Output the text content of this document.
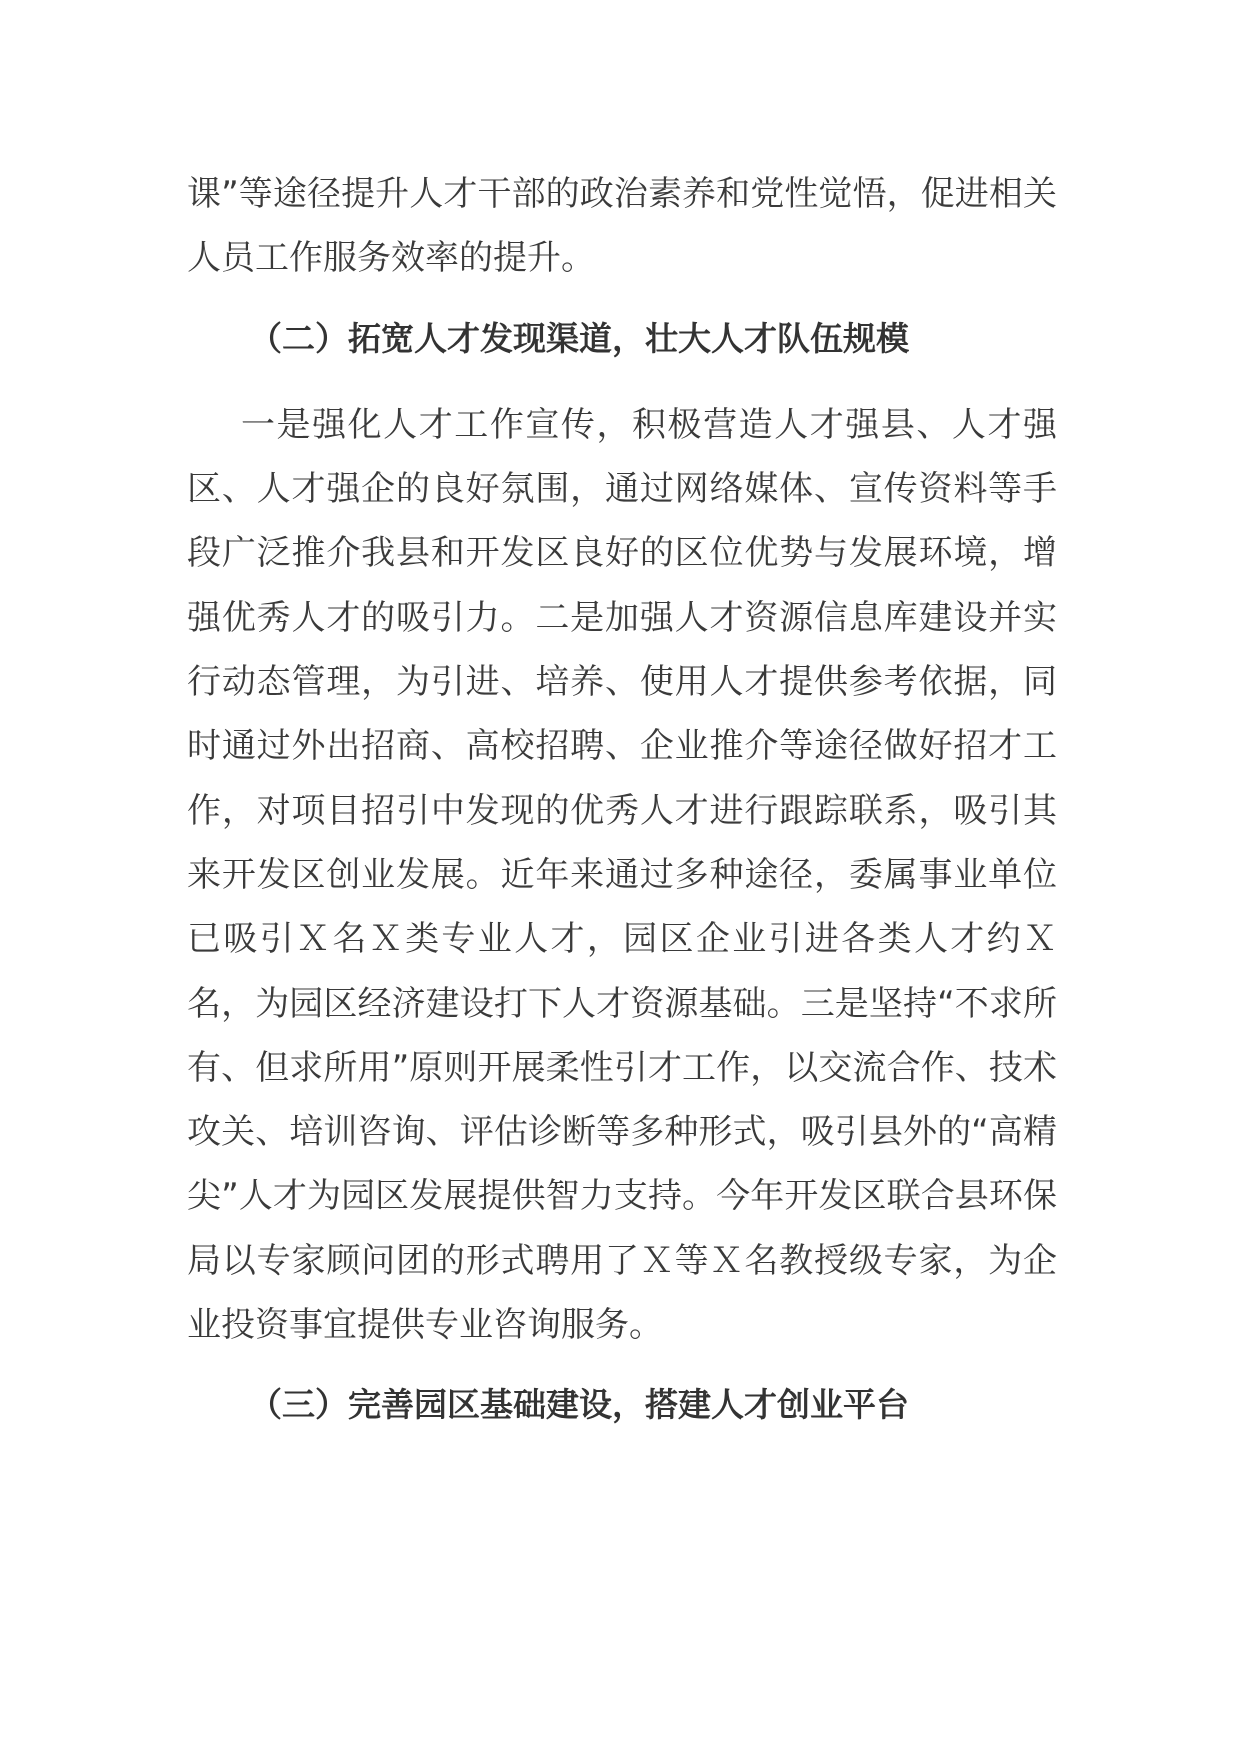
课”等途径提升人才干部的政治素养和党性觉悟，促进相关人员工作服务效率的提升。

（二）拓宽人才发现渠道，壮大人才队伍规模

一是强化人才工作宣传，积极营造人才强县、人才强区、人才强企的良好氛围，通过网络媒体、宣传资料等手段广泛推介我县和开发区良好的区位优势与发展环境，增强优秀人才的吸引力。二是加强人才资源信息库建设并实行动态管理，为引进、培养、使用人才提供参考依据，同时通过外出招商、高校招聘、企业推介等途径做好招才工作，对项目招引中发现的优秀人才进行跟踪联系，吸引其来开发区创业发展。近年来通过多种途径，委属事业单位已吸引Ｘ名Ｘ类专业人才，园区企业引进各类人才约Ｘ名，为园区经济建设打下人才资源基础。三是坚持“不求所有、但求所用”原则开展柔性引才工作，以交流合作、技术攻关、培训咨询、评估诊断等多种形式，吸引县外的“高精尖”人才为园区发展提供智力支持。今年开发区联合县环保局以专家顾问团的形式聘用了Ｘ等Ｘ名教授级专家，为企业投资事宜提供专业咨询服务。

（三）完善园区基础建设，搭建人才创业平台
